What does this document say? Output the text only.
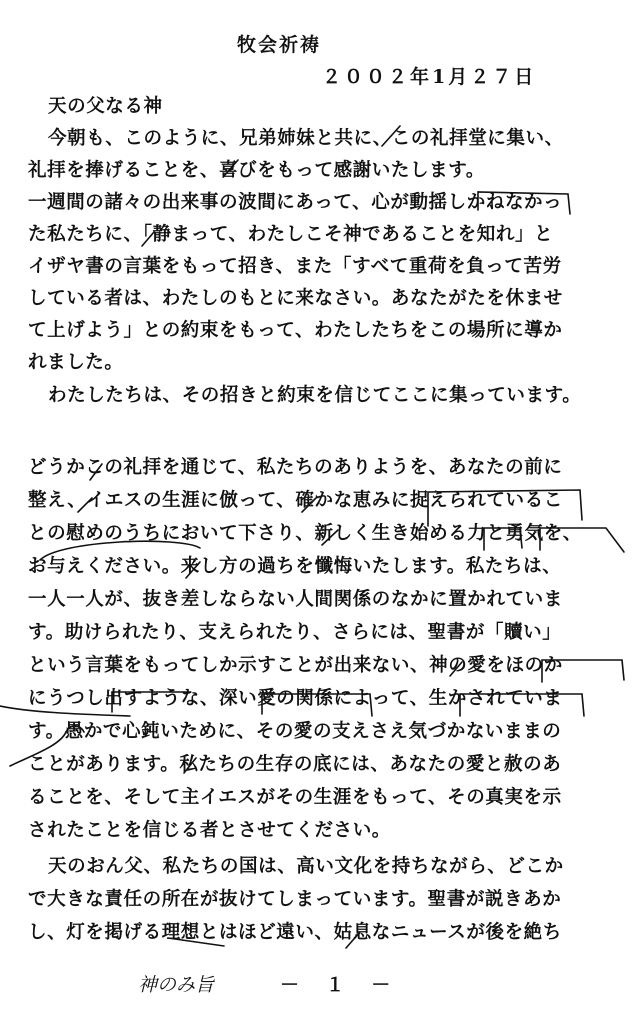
牧会祈祷
２００２年1月２７日
天の父なる神
今朝も、このように、兄弟姉妹と共に、この礼拝堂に集い、
礼拝を捧げることを、喜びをもって感謝いたします。
一週間の諸々の出来事の波間にあって、心が動揺しかねなかっ
た私たちに、「静まって、わたしこそ神であることを知れ」と
イザヤ書の言葉をもって招き、また「すべて重荷を負って苦労
している者は、わたしのもとに来なさい。あなたがたを休ませ
て上げよう」との約束をもって、わたしたちをこの場所に導か
れました。
わたしたちは、その招きと約束を信じてここに集っています。
どうかこの礼拝を通じて、私たちのありようを、あなたの前に
整え、イエスの生涯に倣って、確かな恵みに捉えられているこ
との慰めのうちにおいて下さり、新しく生き始める力と勇気を、
お与えください。来し方の過ちを懺悔いたします。私たちは、
一人一人が、抜き差しならない人間関係のなかに置かれていま
す。助けられたり、支えられたり、さらには、聖書が「贖い」
という言葉をもってしか示すことが出来ない、神の愛をほのか
にうつし出すような、深い愛の関係によって、生かされていま
す。愚かで心鈍いために、その愛の支えさえ気づかないままの
ことがあります。私たちの生存の底には、あなたの愛と赦のあ
ることを、そして主イエスがその生涯をもって、その真実を示
されたことを信じる者とさせてください。
天のおん父、私たちの国は、高い文化を持ちながら、どこか
で大きな責任の所在が抜けてしまっています。聖書が説きあか
し、灯を掲げる理想とはほど遠い、姑息なニュースが後を絶ち
神のみ旨	－ １ －
